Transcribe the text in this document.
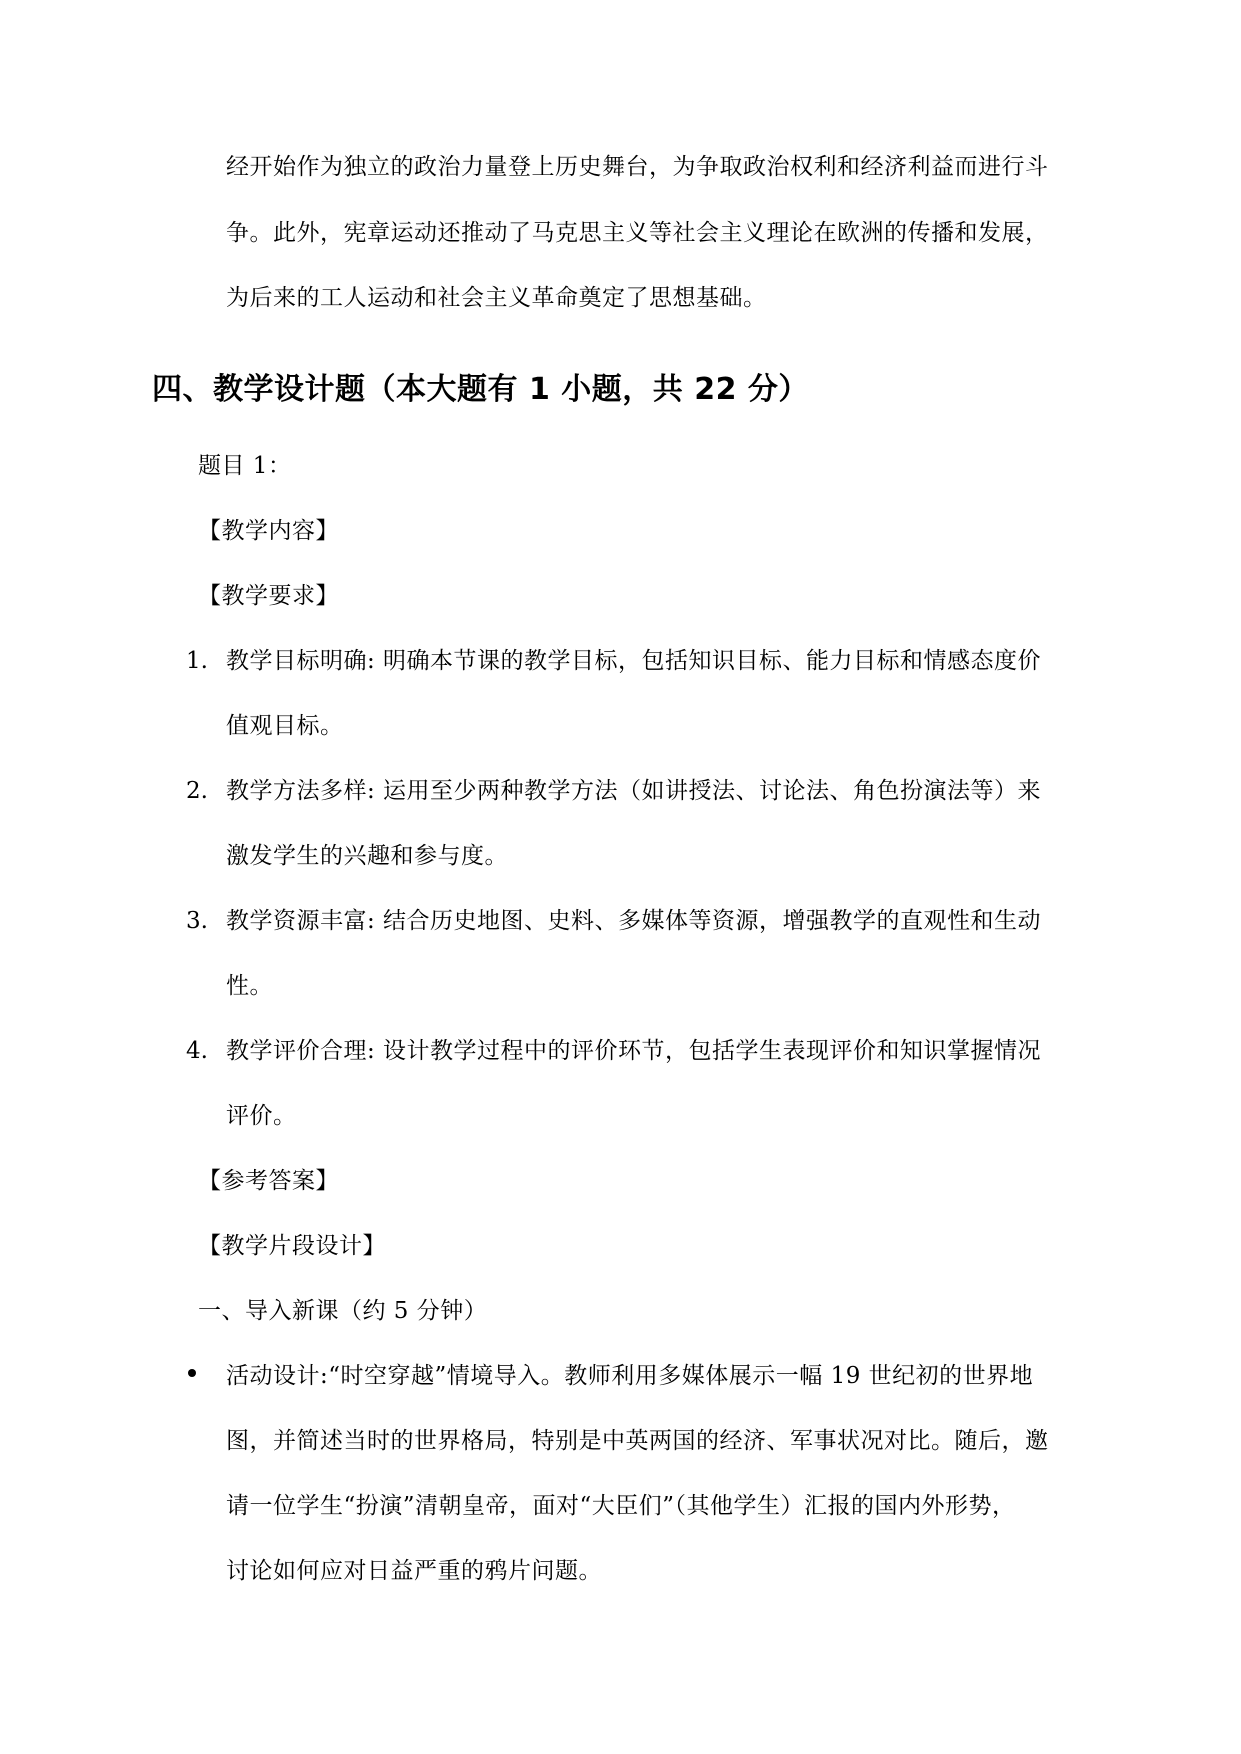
经开始作为独立的政治力量登上历史舞台，为争取政治权利和经济利益而进行斗
争。此外，宪章运动还推动了马克思主义等社会主义理论在欧洲的传播和发展，
为后来的工人运动和社会主义革命奠定了思想基础。
四、教学设计题（本大题有 1 小题，共 22 分）
题目 1：
【教学内容】
【教学要求】
1. 教学目标明确: 明确本节课的教学目标，包括知识目标、能力目标和情感态度价
值观目标。
2. 教学方法多样: 运用至少两种教学方法（如讲授法、讨论法、角色扮演法等）来
激发学生的兴趣和参与度。
3. 教学资源丰富: 结合历史地图、史料、多媒体等资源，增强教学的直观性和生动
性。
4. 教学评价合理: 设计教学过程中的评价环节，包括学生表现评价和知识掌握情况
评价。
【参考答案】
【教学片段设计】
一、导入新课（约 5 分钟）
活动设计:“时空穿越”情境导入。教师利用多媒体展示一幅 19 世纪初的世界地
图，并简述当时的世界格局，特别是中英两国的经济、军事状况对比。随后，邀
请一位学生“扮演”清朝皇帝，面对“大臣们”（其他学生）汇报的国内外形势，
讨论如何应对日益严重的鸦片问题。
